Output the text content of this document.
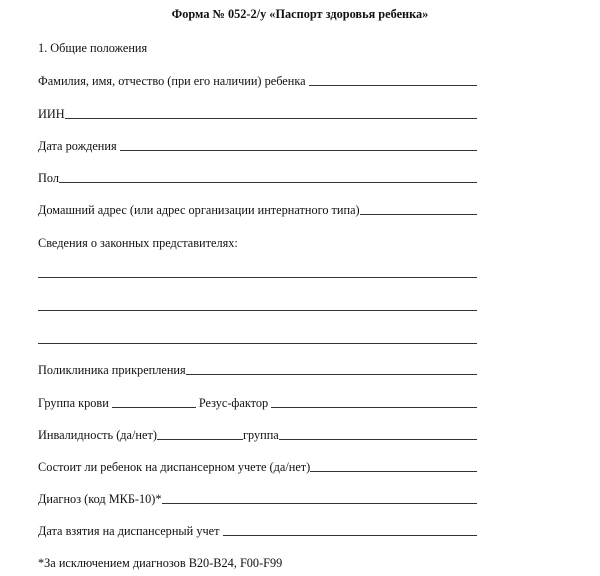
Форма № 052-2/у «Паспорт здоровья ребенка»
1. Общие положения
Фамилия, имя, отчество (при его наличии) ребенка
ИИН
Дата рождения
Пол
Домашний адрес (или адрес организации интернатного типа)
Сведения о законных представителях:
Поликлиника прикрепления
Группа крови	Резус-фактор
Инвалидность (да/нет)	группа
Состоит ли ребенок на диспансерном учете (да/нет)
Диагноз (код МКБ-10)*
Дата взятия на диспансерный учет
*За исключением диагнозов B20-B24, F00-F99
